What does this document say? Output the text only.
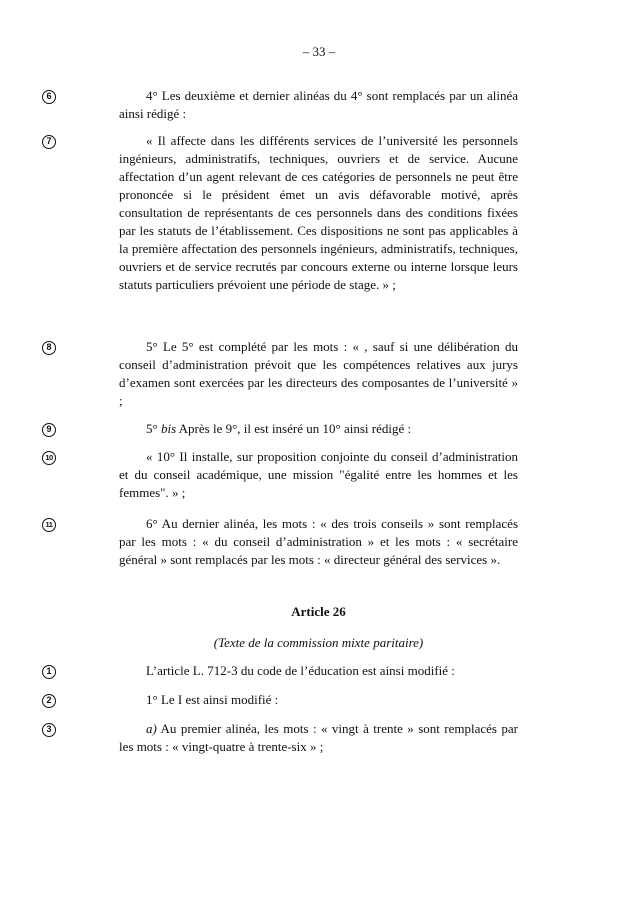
– 33 –
6	4° Les deuxième et dernier alinéas du 4° sont remplacés par un alinéa ainsi rédigé :

7	« Il affecte dans les différents services de l’université les personnels ingénieurs, administratifs, techniques, ouvriers et de service. Aucune affectation d’un agent relevant de ces catégories de personnels ne peut être prononcée si le président émet un avis défavorable motivé, après consultation de représentants de ces personnels dans des conditions fixées par les statuts de l’établissement. Ces dispositions ne sont pas applicables à la première affectation des personnels ingénieurs, administratifs, techniques, ouvriers et de service recrutés par concours externe ou interne lorsque leurs statuts particuliers prévoient une période de stage. » ;

8	5° Le 5° est complété par les mots : « , sauf si une délibération du conseil d’administration prévoit que les compétences relatives aux jurys d’examen sont exercées par les directeurs des composantes de l’université » ;

9	5° bis Après le 9°, il est inséré un 10° ainsi rédigé :

10	« 10° Il installe, sur proposition conjointe du conseil d’administration et du conseil académique, une mission "égalité entre les hommes et les femmes". » ;

11	6° Au dernier alinéa, les mots : « des trois conseils » sont remplacés par les mots : « du conseil d’administration » et les mots : « secrétaire général » sont remplacés par les mots : « directeur général des services ».

Article 26

(Texte de la commission mixte paritaire)

1	L’article L. 712-3 du code de l’éducation est ainsi modifié :

2	1° Le I est ainsi modifié :

3	a) Au premier alinéa, les mots : « vingt à trente » sont remplacés par les mots : « vingt-quatre à trente-six » ;
